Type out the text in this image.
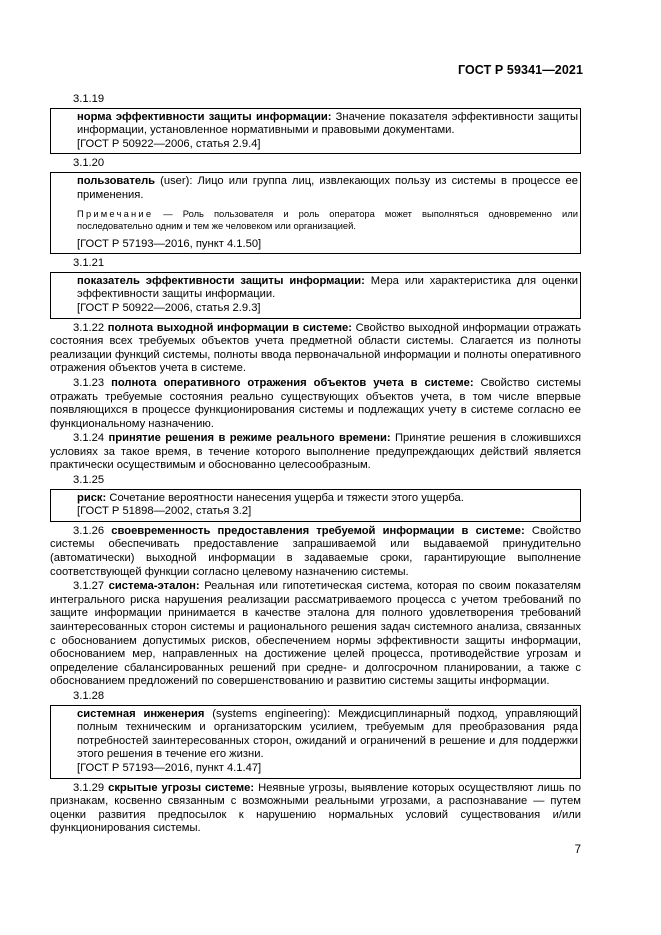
ГОСТ Р 59341—2021
3.1.19
норма эффективности защиты информации: Значение показателя эффективности защиты информации, установленное нормативными и правовыми документами.
[ГОСТ Р 50922—2006, статья 2.9.4]
3.1.20
пользователь (user): Лицо или группа лиц, извлекающих пользу из системы в процессе ее применения.
Примечание — Роль пользователя и роль оператора может выполняться одновременно или последовательно одним и тем же человеком или организацией.
[ГОСТ Р 57193—2016, пункт 4.1.50]
3.1.21
показатель эффективности защиты информации: Мера или характеристика для оценки эффективности защиты информации.
[ГОСТ Р 50922—2006, статья 2.9.3]
3.1.22 полнота выходной информации в системе: Свойство выходной информации отражать состояния всех требуемых объектов учета предметной области системы. Слагается из полноты реализации функций системы, полноты ввода первоначальной информации и полноты оперативного отражения объектов учета в системе.
3.1.23 полнота оперативного отражения объектов учета в системе: Свойство системы отражать требуемые состояния реально существующих объектов учета, в том числе впервые появляющихся в процессе функционирования системы и подлежащих учету в системе согласно ее функциональному назначению.
3.1.24 принятие решения в режиме реального времени: Принятие решения в сложившихся условиях за такое время, в течение которого выполнение предупреждающих действий является практически осуществимым и обоснованно целесообразным.
3.1.25
риск: Сочетание вероятности нанесения ущерба и тяжести этого ущерба.
[ГОСТ Р 51898—2002, статья 3.2]
3.1.26 своевременность предоставления требуемой информации в системе: Свойство системы обеспечивать предоставление запрашиваемой или выдаваемой принудительно (автоматически) выходной информации в задаваемые сроки, гарантирующие выполнение соответствующей функции согласно целевому назначению системы.
3.1.27 система-эталон: Реальная или гипотетическая система, которая по своим показателям интегрального риска нарушения реализации рассматриваемого процесса с учетом требований по защите информации принимается в качестве эталона для полного удовлетворения требований заинтересованных сторон системы и рационального решения задач системного анализа, связанных с обоснованием допустимых рисков, обеспечением нормы эффективности защиты информации, обоснованием мер, направленных на достижение целей процесса, противодействие угрозам и определение сбалансированных решений при средне- и долгосрочном планировании, а также с обоснованием предложений по совершенствованию и развитию системы защиты информации.
3.1.28
системная инженерия (systems engineering): Междисциплинарный подход, управляющий полным техническим и организаторским усилием, требуемым для преобразования ряда потребностей заинтересованных сторон, ожиданий и ограничений в решение и для поддержки этого решения в течение его жизни.
[ГОСТ Р 57193—2016, пункт 4.1.47]
3.1.29 скрытые угрозы системе: Неявные угрозы, выявление которых осуществляют лишь по признакам, косвенно связанным с возможными реальными угрозами, а распознавание — путем оценки развития предпосылок к нарушению нормальных условий существования и/или функционирования системы.
7
